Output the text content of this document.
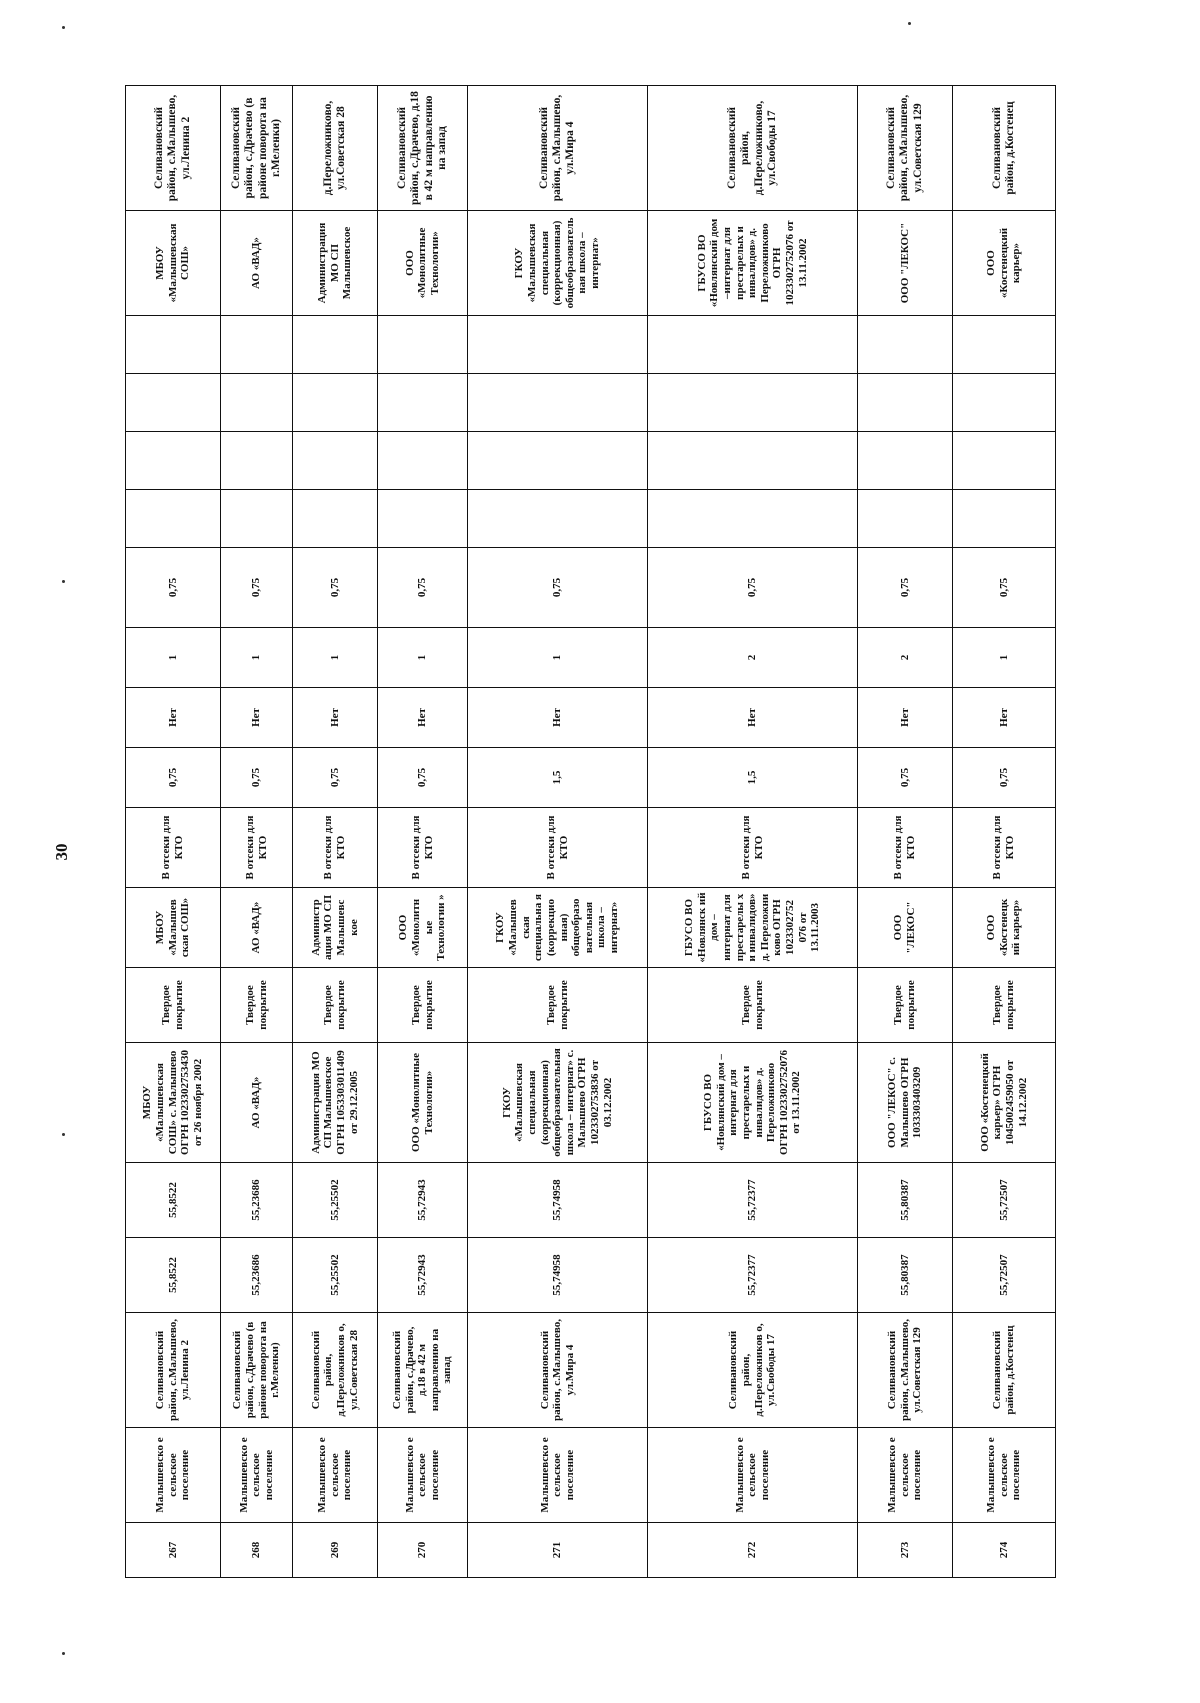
30
267	Малышевско е сельское поселение	Селивановский район, с.Малышево, ул.Ленина 2	55,8522	55,8522	МБОУ «Малышевская СОШ» с. Малышево ОГРН 1023302753430 от 26 ноября 2002	Твердое покрытие	МБОУ «Малышев ская СОШ»	В отсеки для КТО	0,75	Нет	1	0,75					МБОУ «Малышевская СОШ»	Селивановский район, с.Малышево, ул.Ленина 2
268	Малышевско е сельское поселение	Селивановский район, с.Драчево (в районе поворота на г.Меленки)	55,23686	55,23686	АО «ВАД»	Твердое покрытие	АО «ВАД»	В отсеки для КТО	0,75	Нет	1	0,75					АО «ВАД»	Селивановский район, с.Драчево (в районе поворота на г.Меленки)
269	Малышевско е сельское поселение	Селивановский район, д.Переложников о, ул.Советская 28	55,25502	55,25502	Администрация МО СП Малышевское ОГРН 1053303011409 от 29.12.2005	Твердое покрытие	Администр ация МО СП Малышевс кое	В отсеки для КТО	0,75	Нет	1	0,75					Администрация МО СП Малышевское	д.Переложниково, ул.Советская 28
270	Малышевско е сельское поселение	Селивановский район, с.Драчево, д.18 в 42 м направлению на запад	55,72943	55,72943	ООО «Монолитные Технологии»	Твердое покрытие	ООО «Монолитн ые Технологии »	В отсеки для КТО	0,75	Нет	1	0,75					ООО «Монолитные Технологии»	Селивановский район, с.Драчево, д.18 в 42 м направлению на запад
271	Малышевско е сельское поселение	Селивановский район, с.Малышево, ул.Мира 4	55,74958	55,74958	ГКОУ «Малышевская специальная (коррекционная) общеобразовательная школа – интернат» с. Малышево ОГРН 1023302753836 от 03.12.2002	Твердое покрытие	ГКОУ «Малышев ская специальна я (коррекцио нная) общеобразо вательная школа – интернат»	В отсеки для КТО	1,5	Нет	1	0,75					ГКОУ «Малышевская специальная (коррекционная) общеобразовательная школа – интернат»	Селивановский район, с.Малышево, ул.Мира 4
272	Малышевско е сельское поселение	Селивановский район, д.Переложников о, ул.Свободы 17	55,72377	55,72377	ГБУСО ВО «Новлянский дом –интернат для престарелых и инвалидов» д. Переложниково ОГРН 1023302752076 от 13.11.2002	Твердое покрытие	ГБУСО ВО «Новлянск ий дом – интернат для престарелы х и инвалидов» д. Переложни ково ОГРН 1023302752 076 от 13.11.2003	В отсеки для КТО	1,5	Нет	2	0,75					ГБУСО ВО «Новлянский дом –интернат для престарелых и инвалидов» д. Переложниково ОГРН 1023302752076 от 13.11.2002	Селивановский район, д.Переложниково, ул.Свободы 17
273	Малышевско е сельское поселение	Селивановский район, с.Малышево, ул.Советская 129	55,80387	55,80387	ООО "ЛЕКОС" с. Малышево ОГРН 1033303403209	Твердое покрытие	ООО "ЛЕКОС"	В отсеки для КТО	0,75	Нет	2	0,75					ООО "ЛЕКОС"	Селивановский район, с.Малышево, ул.Советская 129
274	Малышевско е сельское поселение	Селивановский район, д.Костенец	55,72507	55,72507	ООО «Костенецкий карьер» ОГРН 1045002459050 от 14.12.2002	Твердое покрытие	ООО «Костенецк ий карьер»	В отсеки для КТО	0,75	Нет	1	0,75					ООО «Костенецкий карьер»	Селивановский район, д.Костенец
